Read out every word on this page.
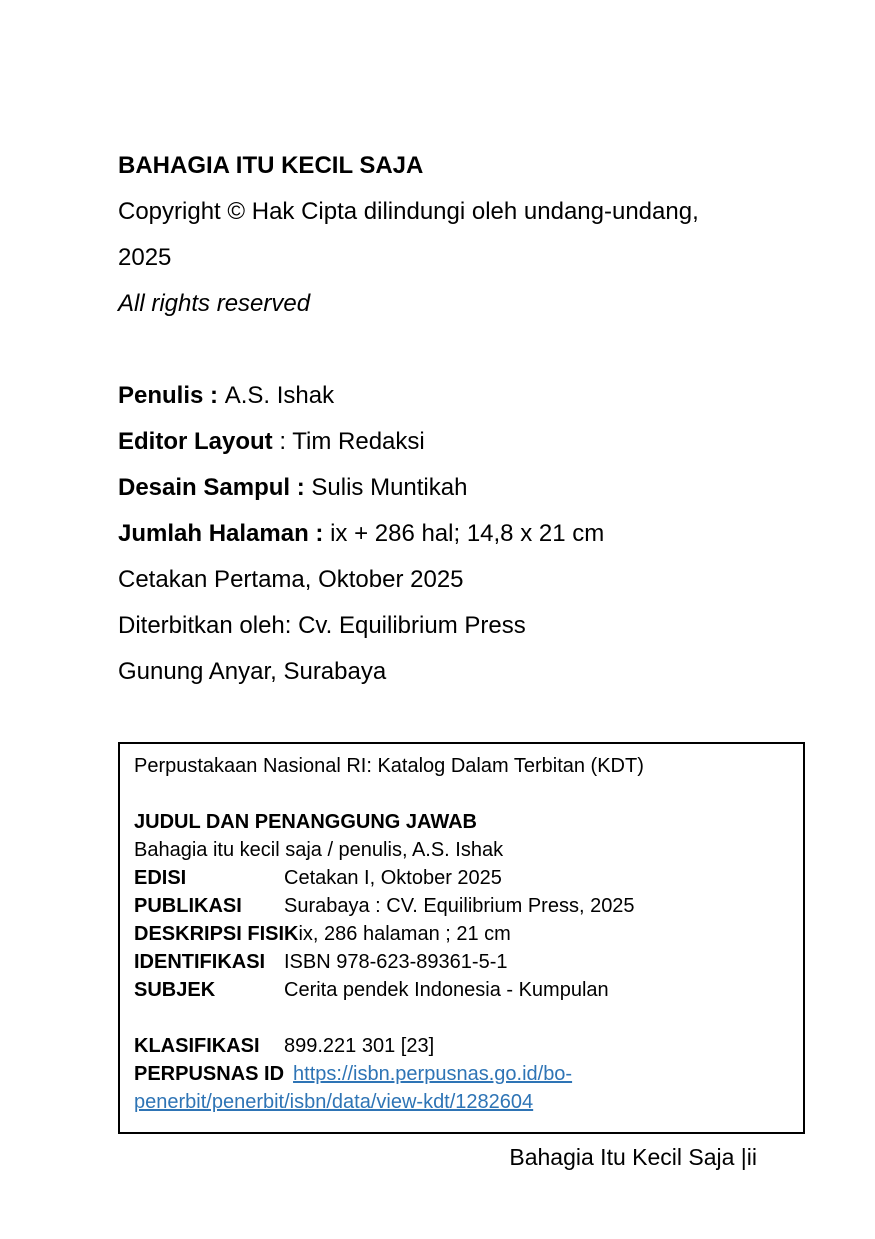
BAHAGIA ITU KECIL SAJA

Copyright © Hak Cipta dilindungi oleh undang-undang, 2025

All rights reserved

Penulis : A.S. Ishak

Editor Layout : Tim Redaksi

Desain Sampul : Sulis Muntikah

Jumlah Halaman : ix + 286 hal; 14,8 x 21 cm

Cetakan Pertama, Oktober 2025

Diterbitkan oleh: Cv. Equilibrium Press

Gunung Anyar, Surabaya

Perpustakaan Nasional RI: Katalog Dalam Terbitan (KDT)

JUDUL DAN PENANGGUNG JAWAB

Bahagia itu kecil saja / penulis, A.S. Ishak

EDISI	Cetakan I, Oktober 2025
PUBLIKASI	Surabaya : CV. Equilibrium Press, 2025
DESKRIPSI FISIK ix, 286 halaman ; 21 cm
IDENTIFIKASI ISBN 978-623-89361-5-1
SUBJEK	Cerita pendek Indonesia - Kumpulan
KLASIFIKASI	899.221 301 [23]

PERPUSNAS ID https://isbn.perpusnas.go.id/bo-penerbit/penerbit/isbn/data/view-kdt/1282604

Bahagia Itu Kecil Saja |ii
